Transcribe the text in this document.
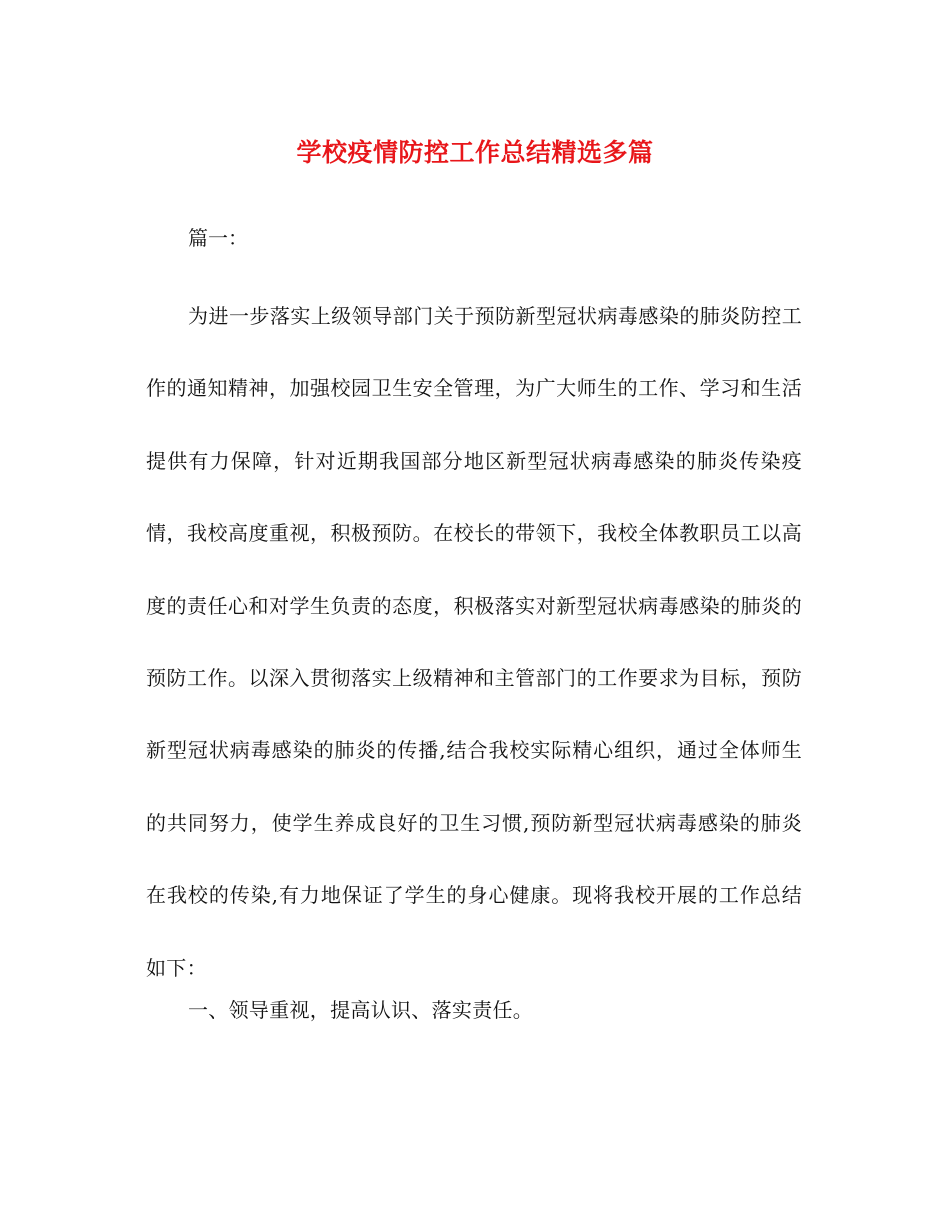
学校疫情防控工作总结精选多篇
篇一：

为进一步落实上级领导部门关于预防新型冠状病毒感染的肺炎防控工作的通知精神，加强校园卫生安全管理，为广大师生的工作、学习和生活提供有力保障，针对近期我国部分地区新型冠状病毒感染的肺炎传染疫情，我校高度重视，积极预防。在校长的带领下，我校全体教职员工以高度的责任心和对学生负责的态度，积极落实对新型冠状病毒感染的肺炎的预防工作。以深入贯彻落实上级精神和主管部门的工作要求为目标，预防新型冠状病毒感染的肺炎的传播,结合我校实际精心组织，通过全体师生的共同努力，使学生养成良好的卫生习惯,预防新型冠状病毒感染的肺炎在我校的传染,有力地保证了学生的身心健康。现将我校开展的工作总结如下：

一、领导重视，提高认识、落实责任。
